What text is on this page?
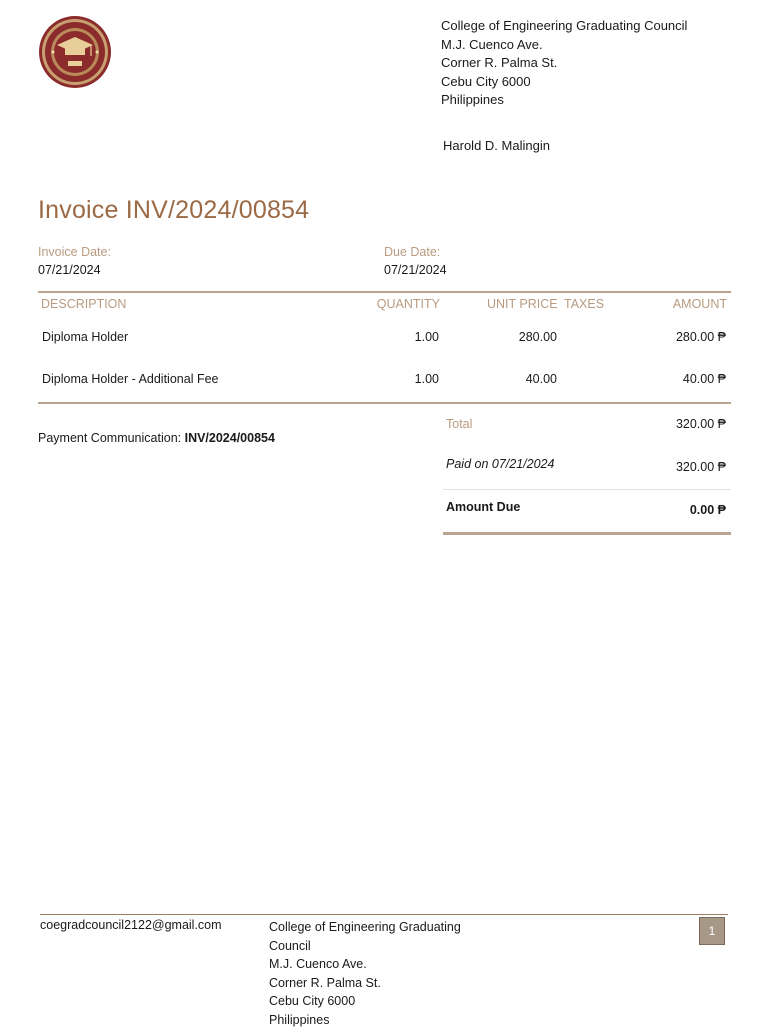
College of Engineering Graduating Council
M.J. Cuenco Ave.
Corner R. Palma St.
Cebu City 6000
Philippines
Harold D. Malingin
Invoice INV/2024/00854
Invoice Date:
07/21/2024
Due Date:
07/21/2024
DESCRIPTION	QUANTITY	UNIT PRICE TAXES	AMOUNT
Diploma Holder	1.00	280.00	280.00 ₱
Diploma Holder - Additional Fee	1.00	40.00	40.00 ₱
Payment Communication: INV/2024/00854
Total	320.00 ₱
Paid on 07/21/2024	320.00 ₱
Amount Due	0.00 ₱
coegradcouncil2122@gmail.com	College of Engineering Graduating
Council
M.J. Cuenco Ave.
Corner R. Palma St.
Cebu City 6000
Philippines
1
